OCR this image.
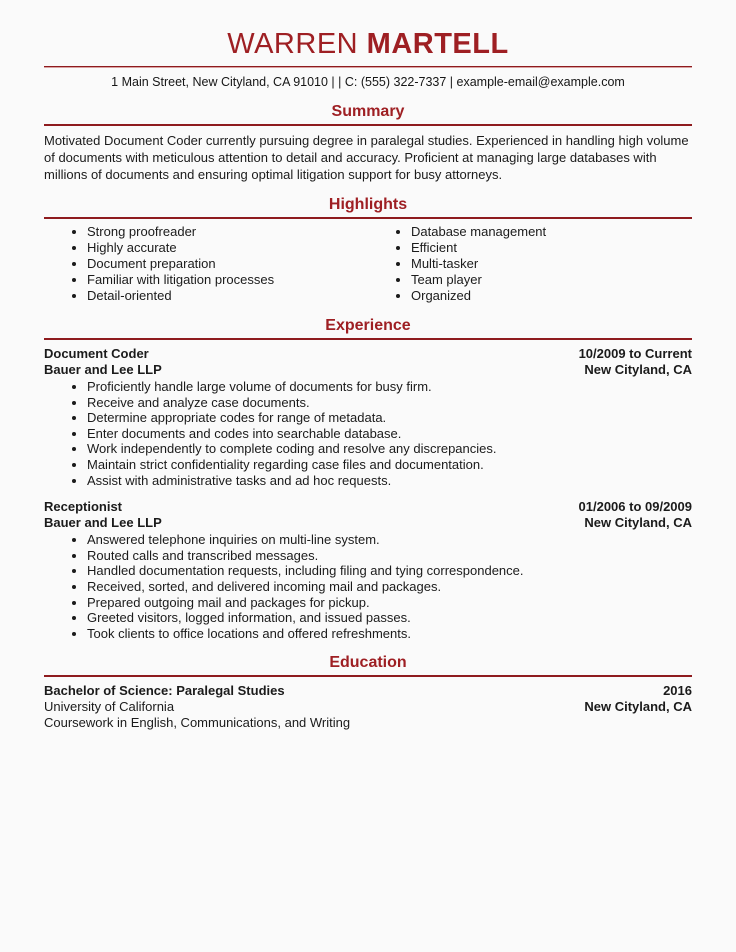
WARREN MARTELL
1 Main Street, New Cityland, CA 91010 | | C: (555) 322-7337 | example-email@example.com
Summary

Motivated Document Coder currently pursuing degree in paralegal studies. Experienced in handling high volume of documents with meticulous attention to detail and accuracy. Proficient at managing large databases with millions of documents and ensuring optimal litigation support for busy attorneys.

Highlights
• Strong proofreader
• Highly accurate
• Document preparation
• Familiar with litigation processes
• Detail-oriented
• Database management
• Efficient
• Multi-tasker
• Team player
• Organized
Experience
Document Coder	10/2009 to Current
Bauer and Lee LLP	New Cityland, CA
• Proficiently handle large volume of documents for busy firm.
• Receive and analyze case documents.
• Determine appropriate codes for range of metadata.
• Enter documents and codes into searchable database.
• Work independently to complete coding and resolve any discrepancies.
• Maintain strict confidentiality regarding case files and documentation.
• Assist with administrative tasks and ad hoc requests.
Receptionist	01/2006 to 09/2009
Bauer and Lee LLP	New Cityland, CA
• Answered telephone inquiries on multi-line system.
• Routed calls and transcribed messages.
• Handled documentation requests, including filing and tying correspondence.
• Received, sorted, and delivered incoming mail and packages.
• Prepared outgoing mail and packages for pickup.
• Greeted visitors, logged information, and issued passes.
• Took clients to office locations and offered refreshments.
Education
Bachelor of Science: Paralegal Studies	2016
University of California	New Cityland, CA
Coursework in English, Communications, and Writing
